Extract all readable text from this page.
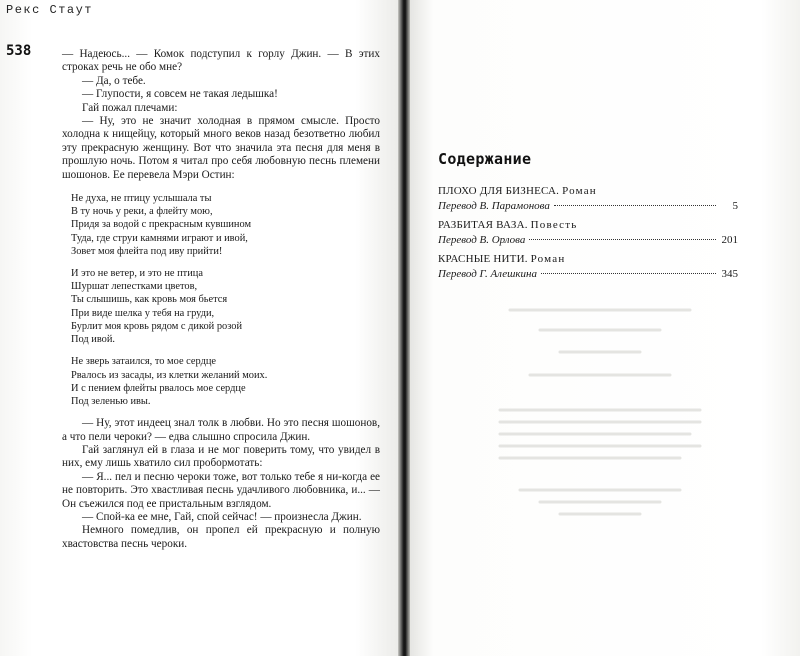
Рекс Стаут
538	— Надеюсь... — Комок подступил к горлу Джин. — В этих строках речь не обо мне?

— Да, о тебе.

— Глупости, я совсем не такая ледышка!

Гай пожал плечами:

— Ну, это не значит холодная в прямом смысле. Просто холодна к нищейцу, который много веков назад безответно любил эту прекрасную женщину. Вот что значила эта песня для меня в прошлую ночь. Потом я читал про себя любовную песнь племени шошонов. Ее перевела Мэри Остин:

Не духа, не птицу услышала ты
В ту ночь у реки, а флейту мою,
Придя за водой с прекрасным кувшином
Туда, где струи камнями играют и ивой,
Зовет моя флейта под иву прийти!
И это не ветер, и это не птица
Шуршат лепестками цветов,
Ты слышишь, как кровь моя бьется
При виде шелка у тебя на груди,
Бурлит моя кровь рядом с дикой розой
Под ивой.
Не зверь затаился, то мое сердце
Рвалось из засады, из клетки желаний моих.
И с пением флейты рвалось мое сердце
Под зеленью ивы.

— Ну, этот индеец знал толк в любви. Но это песня шошонов, а что пели чероки? — едва слышно спросила Джин.

Гай заглянул ей в глаза и не мог поверить тому, что увидел в них, ему лишь хватило сил пробормотать:

— Я... пел и песню чероки тоже, вот только тебе я ни-когда ее не повторить. Это хвастливая песнь удачливого любовника, и... — Он съежился под ее пристальным взглядом.

— Спой-ка ее мне, Гай, спой сейчас! — произнесла Джин.

Немного помедлив, он пропел ей прекрасную и полную хвастовства песнь чероки.

Содержание
ПЛОХО ДЛЯ БИЗНЕСА. Роман
Перевод В. Парамонова	5
РАЗБИТАЯ ВАЗА. Повесть
Перевод В. Орлова	201
КРАСНЫЕ НИТИ. Роман
Перевод Г. Алешкина	345
